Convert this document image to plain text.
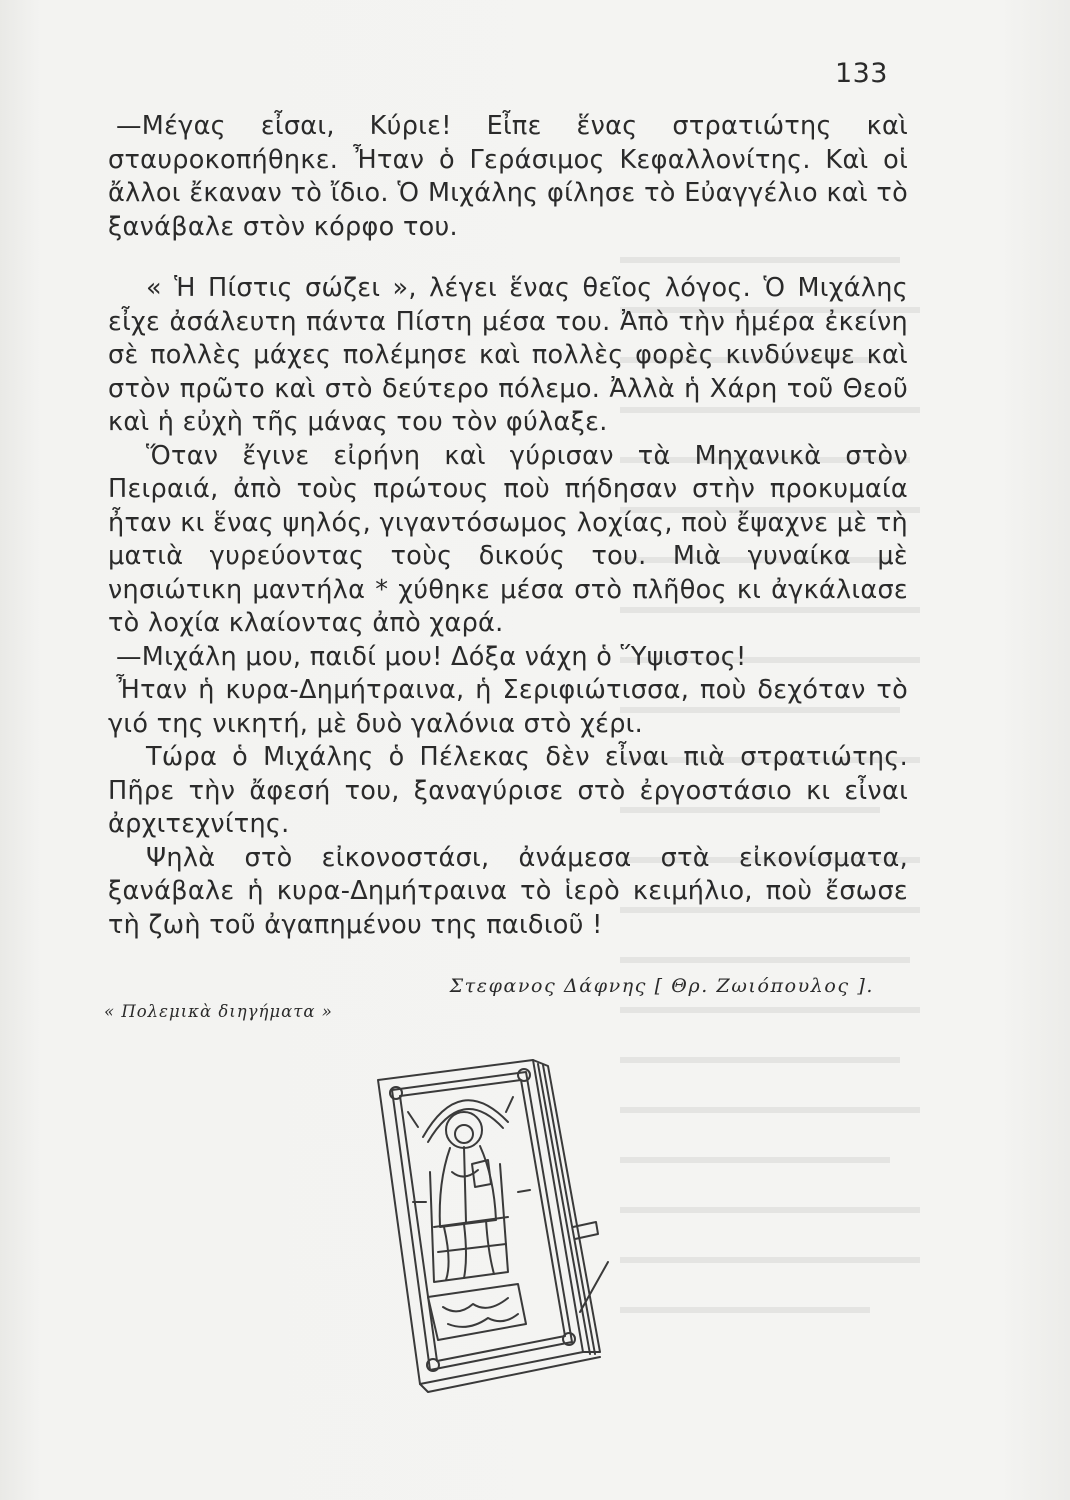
133

—Μέγας εἶσαι, Κύριε! Εἶπε ἕνας στρατιώτης καὶ σταυροκοπήθηκε. Ἦταν ὁ Γεράσιμος Κεφαλλονίτης. Καὶ οἱ ἄλλοι ἔκαναν τὸ ἴδιο. Ὁ Μιχάλης φίλησε τὸ Εὐαγγέλιο καὶ τὸ ξανάβαλε στὸν κόρφο του.

« Ἡ Πίστις σώζει », λέγει ἕνας θεῖος λόγος. Ὁ Μιχάλης εἶχε ἀσάλευτη πάντα Πίστη μέσα του. Ἀπὸ τὴν ἡμέρα ἐκείνη σὲ πολλὲς μάχες πολέμησε καὶ πολλὲς φορὲς κινδύνεψε καὶ στὸν πρῶτο καὶ στὸ δεύτερο πόλεμο. Ἀλλὰ ἡ Χάρη τοῦ Θεοῦ καὶ ἡ εὐχὴ τῆς μάνας του τὸν φύλαξε.

Ὅταν ἔγινε εἰρήνη καὶ γύρισαν τὰ Μηχανικὰ στὸν Πειραιά, ἀπὸ τοὺς πρώτους ποὺ πήδησαν στὴν προκυμαία ἦταν κι ἕνας ψηλός, γιγαντόσωμος λοχίας, ποὺ ἔψαχνε μὲ τὴ ματιὰ γυρεύοντας τοὺς δικούς του. Μιὰ γυναίκα μὲ νησιώτικη μαντήλα * χύθηκε μέσα στὸ πλῆθος κι ἀγκάλιασε τὸ λοχία κλαίοντας ἀπὸ χαρά.

—Μιχάλη μου, παιδί μου! Δόξα νάχη ὁ Ὕψιστος!

Ἦταν ἡ κυρα-Δημήτραινα, ἡ Σεριφιώτισσα, ποὺ δεχόταν τὸ γιό της νικητή, μὲ δυὸ γαλόνια στὸ χέρι.

Τώρα ὁ Μιχάλης ὁ Πέλεκας δὲν εἶναι πιὰ στρατιώτης. Πῆρε τὴν ἄφεσή του, ξαναγύρισε στὸ ἐργοστάσιο κι εἶναι ἀρχιτεχνίτης.

Ψηλὰ στὸ εἰκονοστάσι, ἀνάμεσα στὰ εἰκονίσματα, ξανάβαλε ἡ κυρα-Δημήτραινα τὸ ἱερὸ κειμήλιο, ποὺ ἔσωσε τὴ ζωὴ τοῦ ἀγαπημένου της παιδιοῦ !

Στεφανος Δάφνης [ Θρ. Ζωιόπουλος ].
« Πολεμικὰ διηγήματα »
